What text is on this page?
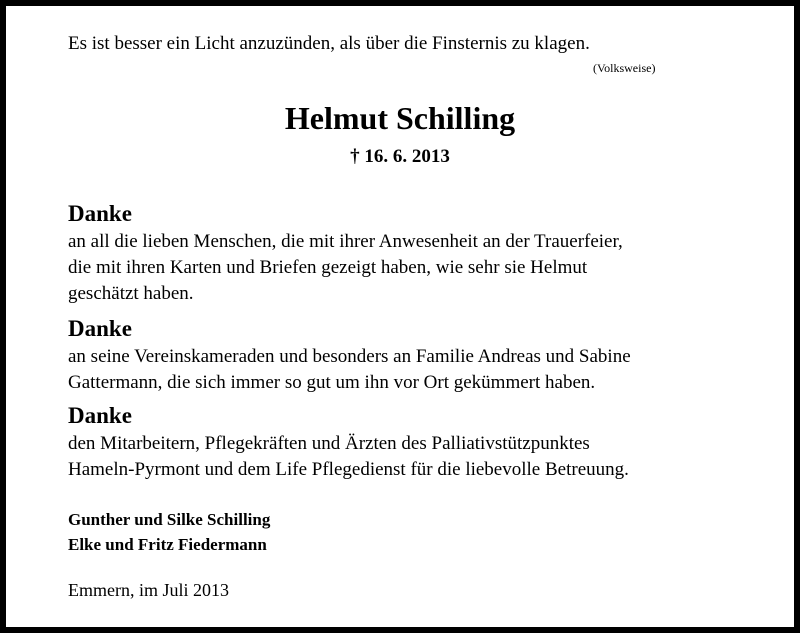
Es ist besser ein Licht anzuzünden, als über die Finsternis zu klagen.
(Volksweise)
Helmut Schilling
† 16. 6. 2013
Danke
an all die lieben Menschen, die mit ihrer Anwesenheit an der Trauerfeier,
die mit ihren Karten und Briefen gezeigt haben, wie sehr sie Helmut
geschätzt haben.
Danke
an seine Vereinskameraden und besonders an Familie Andreas und Sabine
Gattermann, die sich immer so gut um ihn vor Ort gekümmert haben.
Danke
den Mitarbeitern, Pflegekräften und Ärzten des Palliativstützpunktes
Hameln-Pyrmont und dem Life Pflegedienst für die liebevolle Betreuung.
Gunther und Silke Schilling
Elke und Fritz Fiedermann
Emmern, im Juli 2013
